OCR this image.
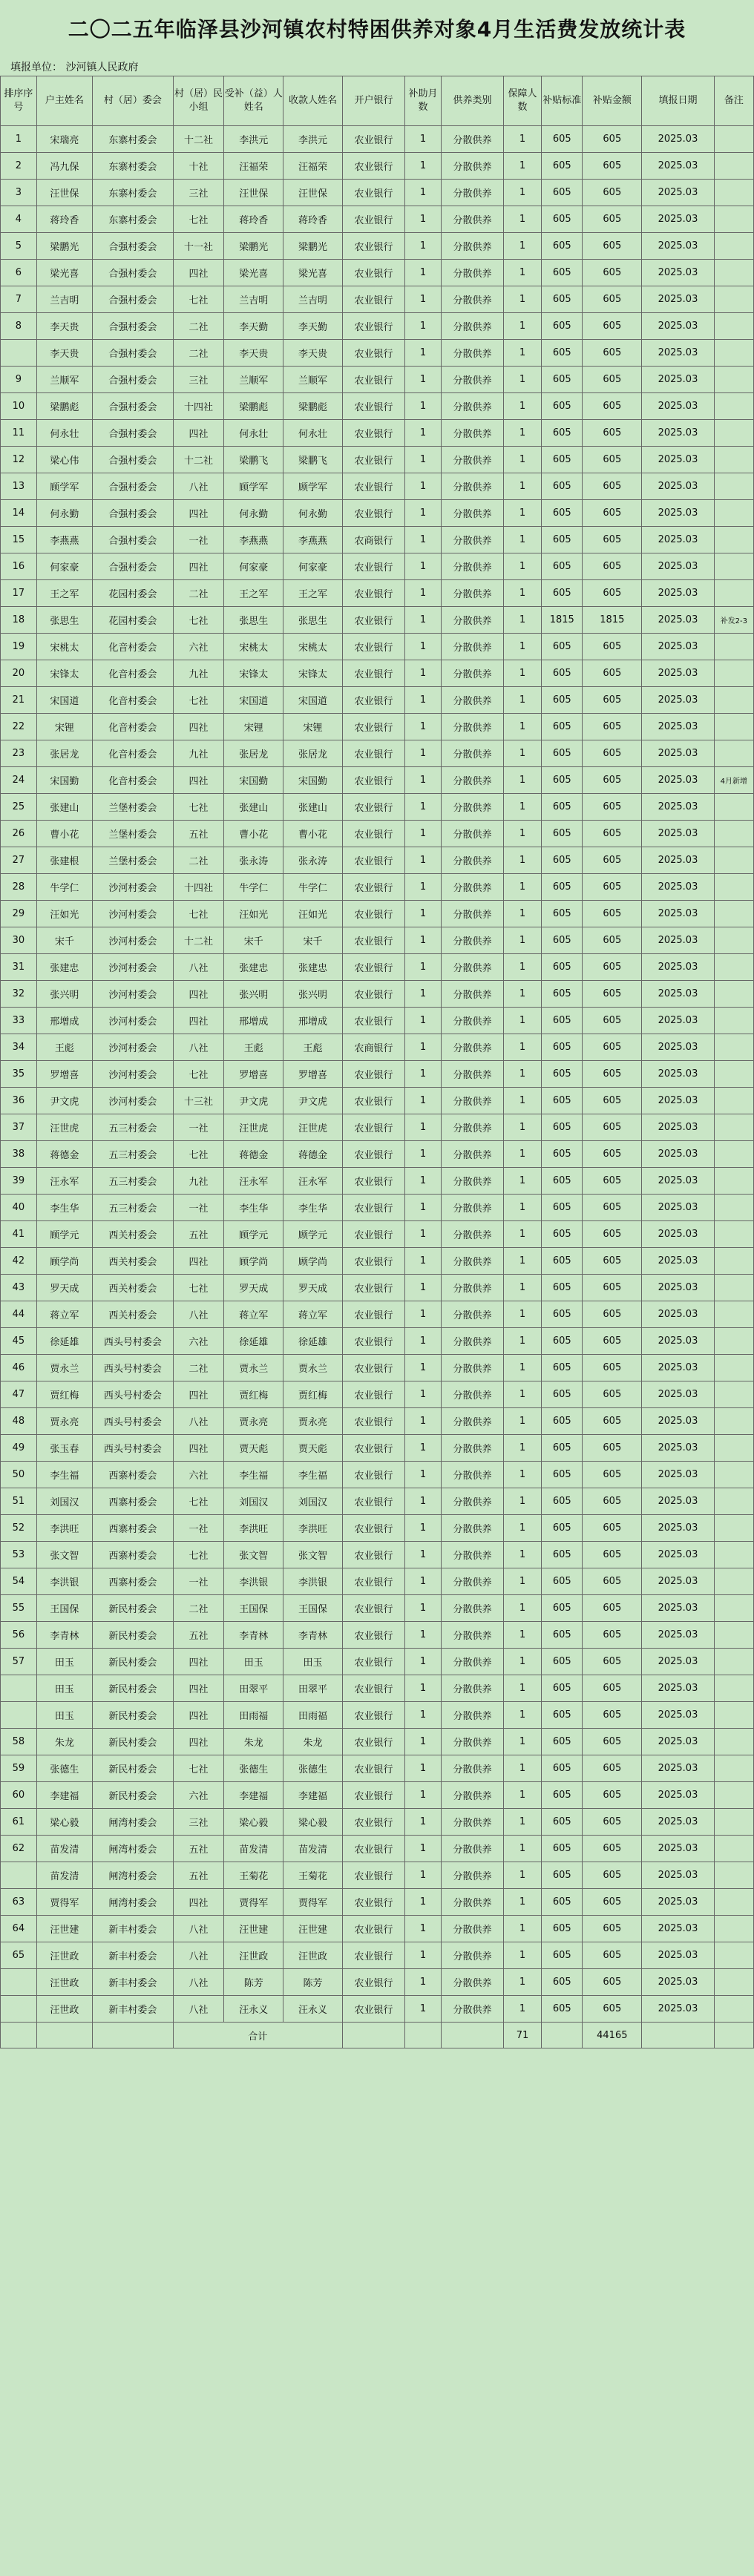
二〇二五年临泽县沙河镇农村特困供养对象4月生活费发放统计表
填报单位： 沙河镇人民政府
排序序号	户主姓名	村（居）委会	村（居）民小组	受补（益）人姓名	收款人姓名	开户银行	补助月数	供养类别	保障人数	补贴标准	补贴金额	填报日期	备注
1	宋瑞亮	东寨村委会	十二社	李洪元	李洪元	农业银行	1	分散供养	1	605	605	2025.03	
2	冯九保	东寨村委会	十社	汪福荣	汪福荣	农业银行	1	分散供养	1	605	605	2025.03	
3	汪世保	东寨村委会	三社	汪世保	汪世保	农业银行	1	分散供养	1	605	605	2025.03	
4	蒋玲香	东寨村委会	七社	蒋玲香	蒋玲香	农业银行	1	分散供养	1	605	605	2025.03	
5	梁鹏光	合强村委会	十一社	梁鹏光	梁鹏光	农业银行	1	分散供养	1	605	605	2025.03	
6	梁光喜	合强村委会	四社	梁光喜	梁光喜	农业银行	1	分散供养	1	605	605	2025.03	
7	兰吉明	合强村委会	七社	兰吉明	兰吉明	农业银行	1	分散供养	1	605	605	2025.03	
8	李天贵	合强村委会	二社	李天勤	李天勤	农业银行	1	分散供养	1	605	605	2025.03	
	李天贵	合强村委会	二社	李天贵	李天贵	农业银行	1	分散供养	1	605	605	2025.03	
9	兰顺军	合强村委会	三社	兰顺军	兰顺军	农业银行	1	分散供养	1	605	605	2025.03	
10	梁鹏彪	合强村委会	十四社	梁鹏彪	梁鹏彪	农业银行	1	分散供养	1	605	605	2025.03	
11	何永壮	合强村委会	四社	何永壮	何永壮	农业银行	1	分散供养	1	605	605	2025.03	
12	梁心伟	合强村委会	十二社	梁鹏飞	梁鹏飞	农业银行	1	分散供养	1	605	605	2025.03	
13	顾学军	合强村委会	八社	顾学军	顾学军	农业银行	1	分散供养	1	605	605	2025.03	
14	何永勤	合强村委会	四社	何永勤	何永勤	农业银行	1	分散供养	1	605	605	2025.03	
15	李燕燕	合强村委会	一社	李燕燕	李燕燕	农商银行	1	分散供养	1	605	605	2025.03	
16	何家豪	合强村委会	四社	何家豪	何家豪	农业银行	1	分散供养	1	605	605	2025.03	
17	王之军	花园村委会	二社	王之军	王之军	农业银行	1	分散供养	1	605	605	2025.03	
18	张思生	花园村委会	七社	张思生	张思生	农业银行	1	分散供养	1	1815	1815	2025.03	补发2-3
19	宋桃太	化音村委会	六社	宋桃太	宋桃太	农业银行	1	分散供养	1	605	605	2025.03	
20	宋锋太	化音村委会	九社	宋锋太	宋锋太	农业银行	1	分散供养	1	605	605	2025.03	
21	宋国道	化音村委会	七社	宋国道	宋国道	农业银行	1	分散供养	1	605	605	2025.03	
22	宋锂	化音村委会	四社	宋锂	宋锂	农业银行	1	分散供养	1	605	605	2025.03	
23	张居龙	化音村委会	九社	张居龙	张居龙	农业银行	1	分散供养	1	605	605	2025.03	
24	宋国勤	化音村委会	四社	宋国勤	宋国勤	农业银行	1	分散供养	1	605	605	2025.03	4月新增
25	张建山	兰堡村委会	七社	张建山	张建山	农业银行	1	分散供养	1	605	605	2025.03	
26	曹小花	兰堡村委会	五社	曹小花	曹小花	农业银行	1	分散供养	1	605	605	2025.03	
27	张建根	兰堡村委会	二社	张永涛	张永涛	农业银行	1	分散供养	1	605	605	2025.03	
28	牛学仁	沙河村委会	十四社	牛学仁	牛学仁	农业银行	1	分散供养	1	605	605	2025.03	
29	汪如光	沙河村委会	七社	汪如光	汪如光	农业银行	1	分散供养	1	605	605	2025.03	
30	宋千	沙河村委会	十二社	宋千	宋千	农业银行	1	分散供养	1	605	605	2025.03	
31	张建忠	沙河村委会	八社	张建忠	张建忠	农业银行	1	分散供养	1	605	605	2025.03	
32	张兴明	沙河村委会	四社	张兴明	张兴明	农业银行	1	分散供养	1	605	605	2025.03	
33	邢增成	沙河村委会	四社	邢增成	邢增成	农业银行	1	分散供养	1	605	605	2025.03	
34	王彪	沙河村委会	八社	王彪	王彪	农商银行	1	分散供养	1	605	605	2025.03	
35	罗增喜	沙河村委会	七社	罗增喜	罗增喜	农业银行	1	分散供养	1	605	605	2025.03	
36	尹文虎	沙河村委会	十三社	尹文虎	尹文虎	农业银行	1	分散供养	1	605	605	2025.03	
37	汪世虎	五三村委会	一社	汪世虎	汪世虎	农业银行	1	分散供养	1	605	605	2025.03	
38	蒋德金	五三村委会	七社	蒋德金	蒋德金	农业银行	1	分散供养	1	605	605	2025.03	
39	汪永军	五三村委会	九社	汪永军	汪永军	农业银行	1	分散供养	1	605	605	2025.03	
40	李生华	五三村委会	一社	李生华	李生华	农业银行	1	分散供养	1	605	605	2025.03	
41	顾学元	西关村委会	五社	顾学元	顾学元	农业银行	1	分散供养	1	605	605	2025.03	
42	顾学尚	西关村委会	四社	顾学尚	顾学尚	农业银行	1	分散供养	1	605	605	2025.03	
43	罗天成	西关村委会	七社	罗天成	罗天成	农业银行	1	分散供养	1	605	605	2025.03	
44	蒋立军	西关村委会	八社	蒋立军	蒋立军	农业银行	1	分散供养	1	605	605	2025.03	
45	徐延雄	西头号村委会	六社	徐延雄	徐延雄	农业银行	1	分散供养	1	605	605	2025.03	
46	贾永兰	西头号村委会	二社	贾永兰	贾永兰	农业银行	1	分散供养	1	605	605	2025.03	
47	贾红梅	西头号村委会	四社	贾红梅	贾红梅	农业银行	1	分散供养	1	605	605	2025.03	
48	贾永亮	西头号村委会	八社	贾永亮	贾永亮	农业银行	1	分散供养	1	605	605	2025.03	
49	张玉春	西头号村委会	四社	贾天彪	贾天彪	农业银行	1	分散供养	1	605	605	2025.03	
50	李生福	西寨村委会	六社	李生福	李生福	农业银行	1	分散供养	1	605	605	2025.03	
51	刘国汉	西寨村委会	七社	刘国汉	刘国汉	农业银行	1	分散供养	1	605	605	2025.03	
52	李洪旺	西寨村委会	一社	李洪旺	李洪旺	农业银行	1	分散供养	1	605	605	2025.03	
53	张文智	西寨村委会	七社	张文智	张文智	农业银行	1	分散供养	1	605	605	2025.03	
54	李洪银	西寨村委会	一社	李洪银	李洪银	农业银行	1	分散供养	1	605	605	2025.03	
55	王国保	新民村委会	二社	王国保	王国保	农业银行	1	分散供养	1	605	605	2025.03	
56	李青林	新民村委会	五社	李青林	李青林	农业银行	1	分散供养	1	605	605	2025.03	
57	田玉	新民村委会	四社	田玉	田玉	农业银行	1	分散供养	1	605	605	2025.03	
	田玉	新民村委会	四社	田翠平	田翠平	农业银行	1	分散供养	1	605	605	2025.03	
	田玉	新民村委会	四社	田雨福	田雨福	农业银行	1	分散供养	1	605	605	2025.03	
58	朱龙	新民村委会	四社	朱龙	朱龙	农业银行	1	分散供养	1	605	605	2025.03	
59	张德生	新民村委会	七社	张德生	张德生	农业银行	1	分散供养	1	605	605	2025.03	
60	李建福	新民村委会	六社	李建福	李建福	农业银行	1	分散供养	1	605	605	2025.03	
61	梁心毅	闸湾村委会	三社	梁心毅	梁心毅	农业银行	1	分散供养	1	605	605	2025.03	
62	苗发清	闸湾村委会	五社	苗发清	苗发清	农业银行	1	分散供养	1	605	605	2025.03	
	苗发清	闸湾村委会	五社	王菊花	王菊花	农业银行	1	分散供养	1	605	605	2025.03	
63	贾得军	闸湾村委会	四社	贾得军	贾得军	农业银行	1	分散供养	1	605	605	2025.03	
64	汪世建	新丰村委会	八社	汪世建	汪世建	农业银行	1	分散供养	1	605	605	2025.03	
65	汪世政	新丰村委会	八社	汪世政	汪世政	农业银行	1	分散供养	1	605	605	2025.03	
	汪世政	新丰村委会	八社	陈芳	陈芳	农业银行	1	分散供养	1	605	605	2025.03	
	汪世政	新丰村委会	八社	汪永义	汪永义	农业银行	1	分散供养	1	605	605	2025.03	
			合计						71		44165		
